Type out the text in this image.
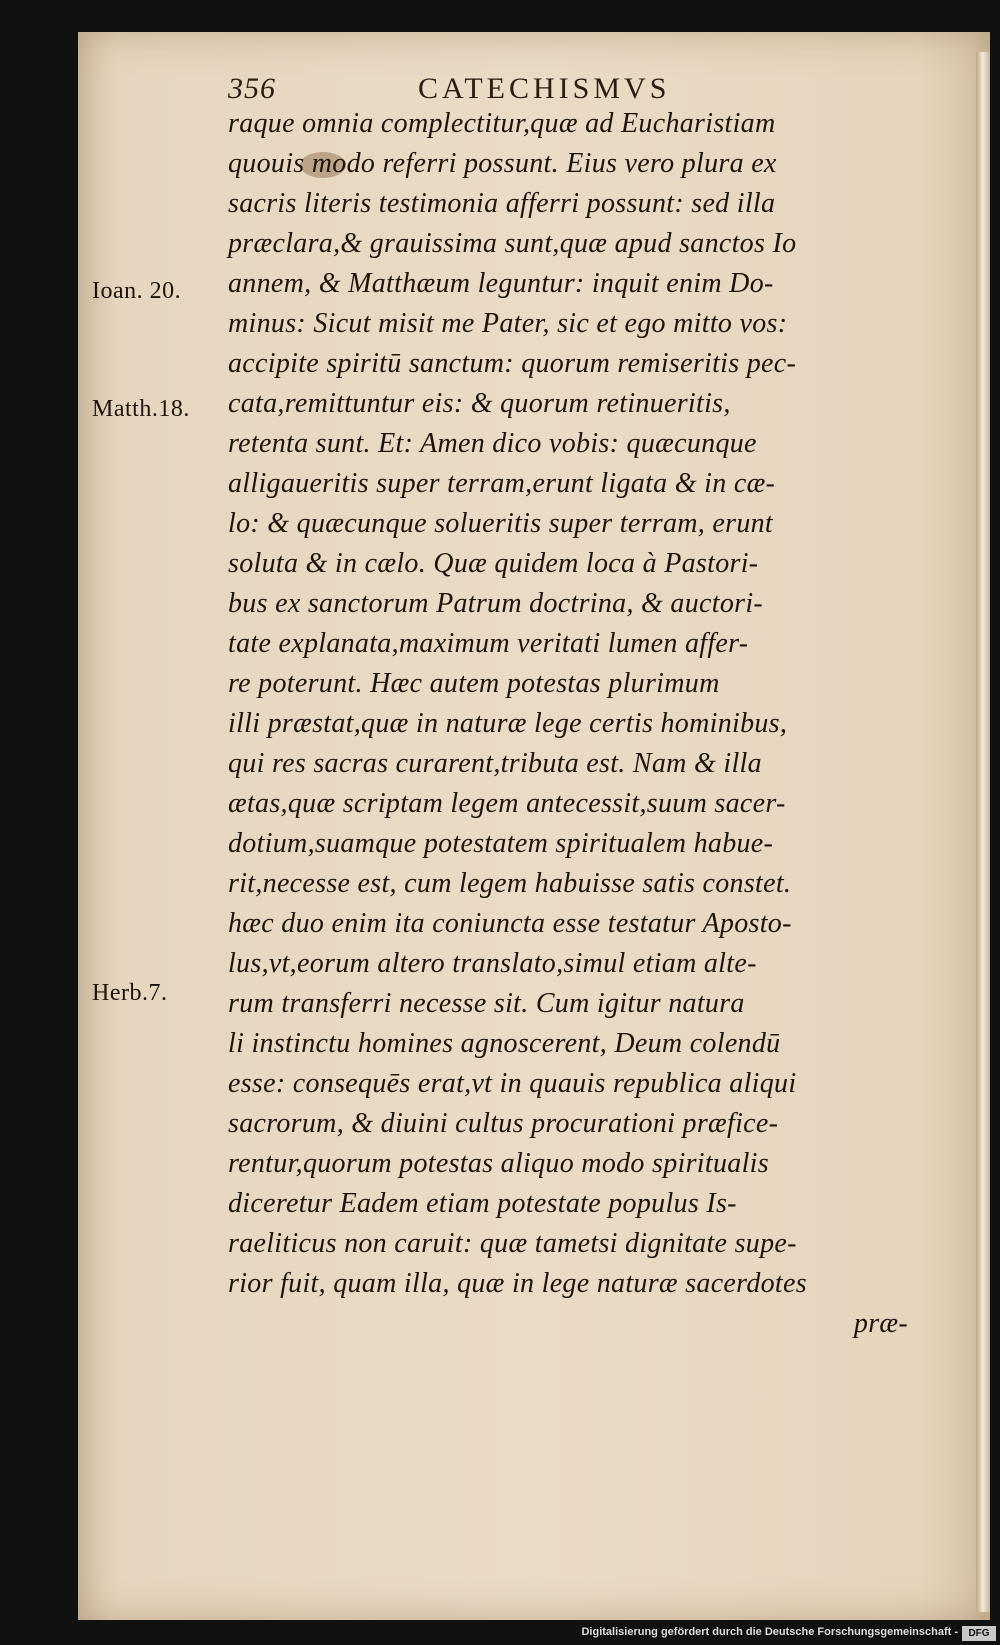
356	CATECHISMVS
Ioan. 20.
Matth.18.
Herb.7.
raque omnia complectitur,quæ ad Eucharistiam
quouis modo referri possunt. Eius vero plura ex
sacris literis testimonia afferri possunt: sed illa
præclara,& grauissima sunt,quæ apud sanctos Io
annem, & Matthæum leguntur: inquit enim Do-
minus: Sicut misit me Pater, sic et ego mitto vos:
accipite spiritū sanctum: quorum remiseritis pec-
cata,remittuntur eis: & quorum retinueritis,
retenta sunt. Et: Amen dico vobis: quæcunque
alligaueritis super terram,erunt ligata & in cæ-
lo: & quæcunque solueritis super terram, erunt
soluta & in cælo. Quæ quidem loca à Pastori-
bus ex sanctorum Patrum doctrina, & auctori-
tate explanata,maximum veritati lumen affer-
re poterunt. Hæc autem potestas plurimum
illi præstat,quæ in naturæ lege certis hominibus,
qui res sacras curarent,tributa est. Nam & illa
ætas,quæ scriptam legem antecessit,suum sacer-
dotium,suamque potestatem spiritualem habue-
rit,necesse est, cum legem habuisse satis constet.
hæc duo enim ita coniuncta esse testatur Aposto-
lus,vt,eorum altero translato,simul etiam alte-
rum transferri necesse sit. Cum igitur natura
li instinctu homines agnoscerent, Deum colendū
esse: consequēs erat,vt in quauis republica aliqui
sacrorum, & diuini cultus procurationi præfice-
rentur,quorum potestas aliquo modo spiritualis
diceretur Eadem etiam potestate populus Is-
raeliticus non caruit: quæ tametsi dignitate supe-
rior fuit, quam illa, quæ in lege naturæ sacerdotes
præ-
Digitalisierung gefördert durch die Deutsche Forschungsgemeinschaft -	DFG
